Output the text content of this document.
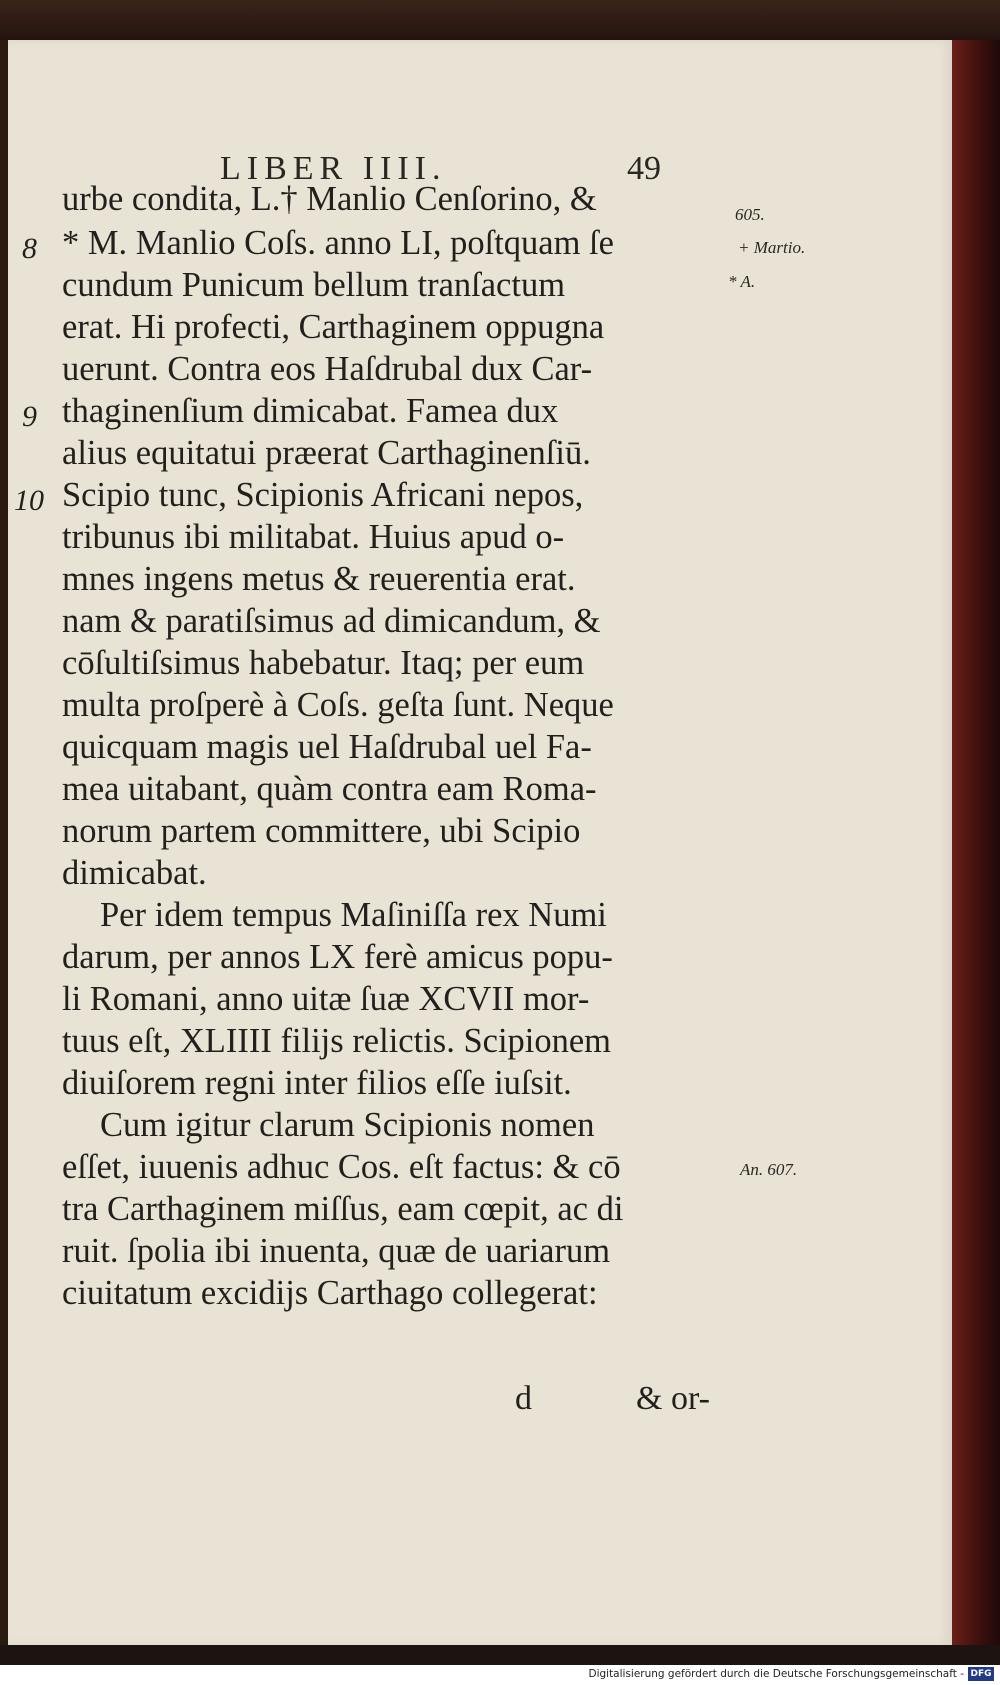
LIBER IIII.	49
urbe condita, L.† Manlio Cenſorino, &
* M. Manlio Coſs. anno LI, poſtquam ſe
cundum Punicum bellum tranſactum
erat. Hi profecti, Carthaginem oppugna
uerunt. Contra eos Haſdrubal dux Car-
thaginenſium dimicabat. Famea dux
alius equitatui præerat Carthaginenſiū.
Scipio tunc, Scipionis Africani nepos,
tribunus ibi militabat. Huius apud o-
mnes ingens metus & reuerentia erat.
nam & paratiſsimus ad dimicandum, &
cōſultiſsimus habebatur. Itaq; per eum
multa proſperè à Coſs. geſta ſunt. Neque
quicquam magis uel Haſdrubal uel Fa-
mea uitabant, quàm contra eam Roma-
norum partem committere, ubi Scipio
dimicabat.
Per idem tempus Maſiniſſa rex Numi
darum, per annos LX ferè amicus popu-
li Romani, anno uitæ ſuæ XCVII mor-
tuus eſt, XLIIII filijs relictis. Scipionem
diuiſorem regni inter filios eſſe iuſsit.
Cum igitur clarum Scipionis nomen
eſſet, iuuenis adhuc Cos. eſt factus: & cō
tra Carthaginem miſſus, eam cœpit, ac di
ruit. ſpolia ibi inuenta, quæ de uariarum
ciuitatum excidijs Carthago collegerat:
8
9
10
605.
+ Martio.
* A.
An. 607.
d	& or-
Digitalisierung gefördert durch die Deutsche Forschungsgemeinschaft - DFG
